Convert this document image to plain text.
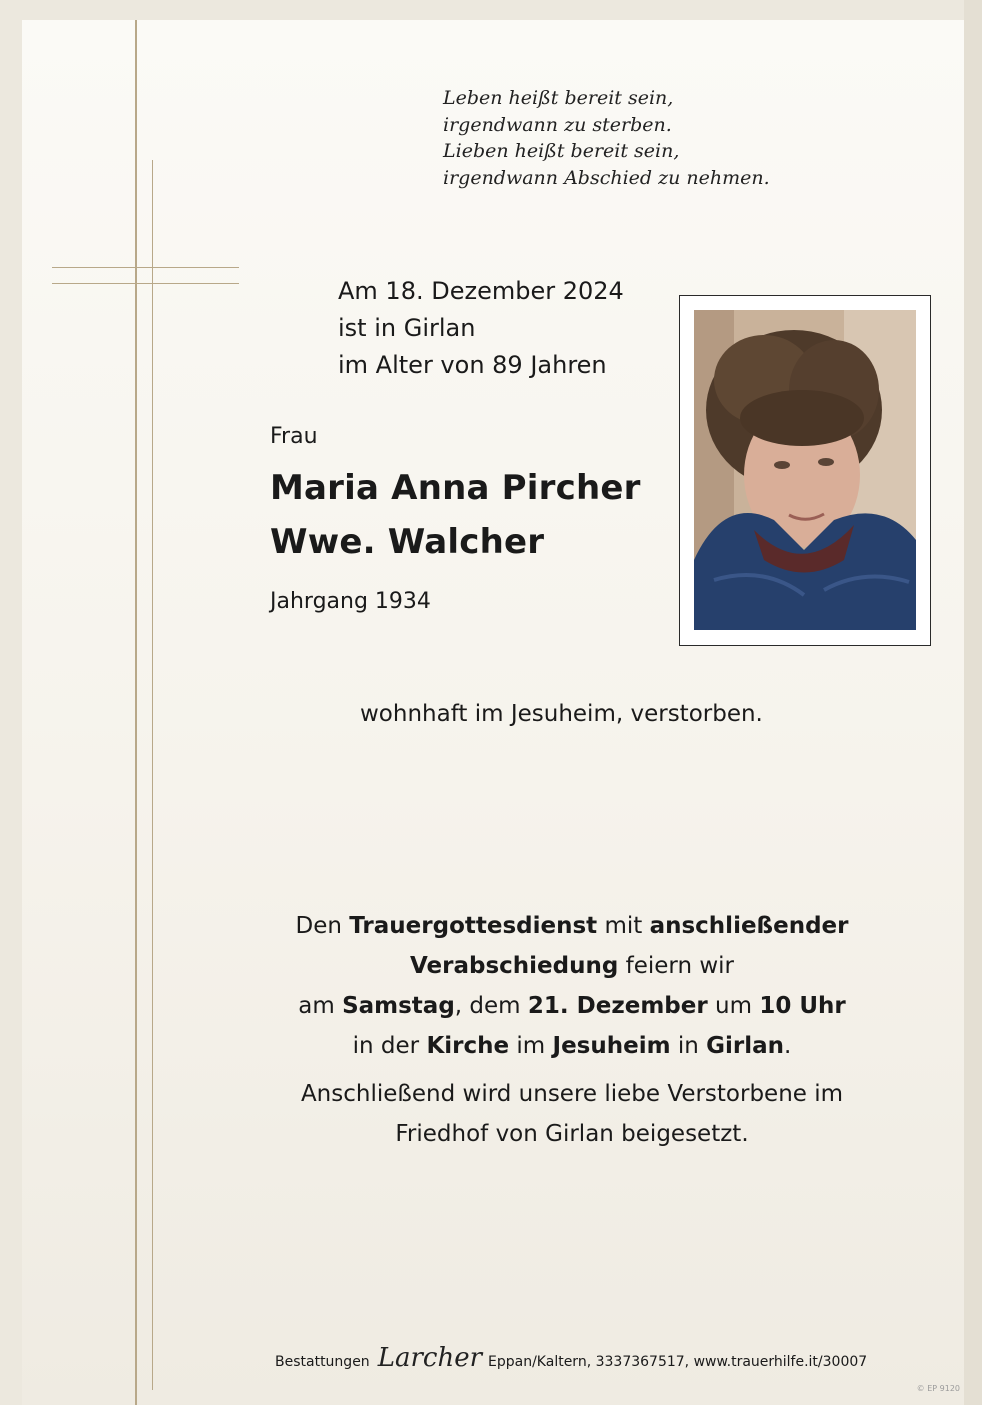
Leben heißt bereit sein,
irgendwann zu sterben.
Lieben heißt bereit sein,
irgendwann Abschied zu nehmen.
Am 18. Dezember 2024
ist in Girlan
im Alter von 89 Jahren
Frau
Maria Anna Pircher
Wwe. Walcher
Jahrgang 1934
wohnhaft im Jesuheim, verstorben.
Den Trauergottesdienst mit anschließender
Verabschiedung feiern wir
am Samstag, dem 21. Dezember um 10 Uhr
in der Kirche im Jesuheim in Girlan.
Anschließend wird unsere liebe Verstorbene im
Friedhof von Girlan beigesetzt.
Bestattungen Larcher Eppan/Kaltern, 3337367517, www.trauerhilfe.it/30007
© EP 9120
